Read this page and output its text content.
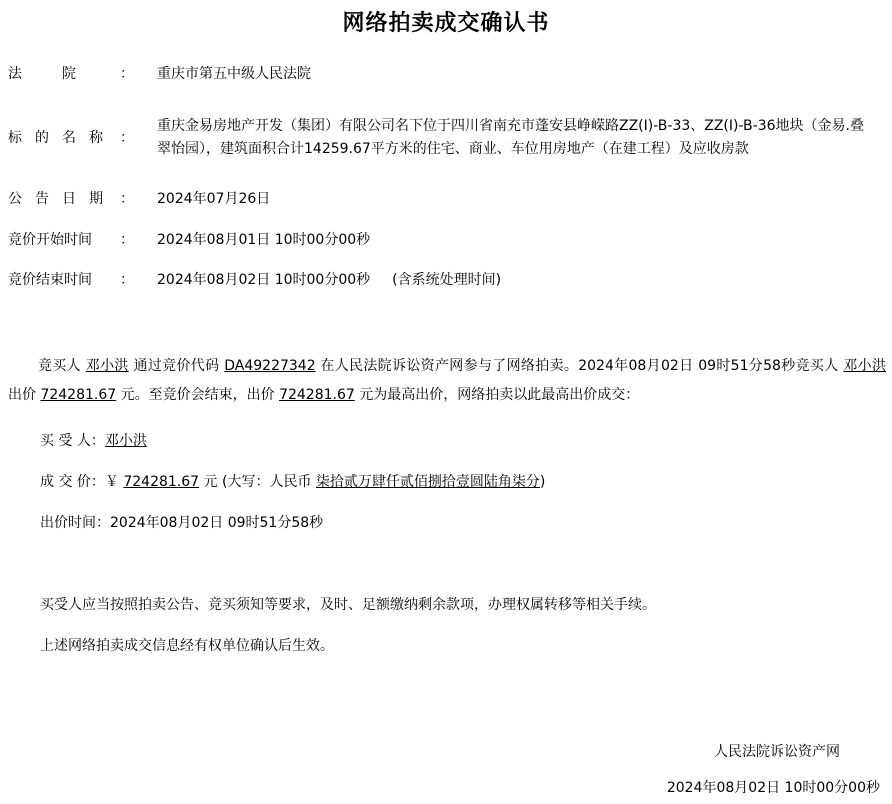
网络拍卖成交确认书
法	院	： 重庆市第五中级人民法院
标 的 名 称 ：
重庆金易房地产开发（集团）有限公司名下位于四川省南充市蓬安县峥嵘路ZZ(I)-B-33、ZZ(I)-B-36地块（金易.叠翠怡园），建筑面积合计14259.67平方米的住宅、商业、车位用房地产（在建工程）及应收房款
公 告 日 期 ： 2024年07月26日
竞价开始时间 ： 2024年08月01日 10时00分00秒
竞价结束时间 ： 2024年08月02日 10时00分00秒 (含系统处理时间)
竞买人 邓小洪 通过竞价代码 DA49227342 在人民法院诉讼资产网参与了网络拍卖。2024年08月02日 09时51分58秒竞买人 邓小洪 出价 724281.67 元。至竞价会结束，出价 724281.67 元为最高出价，网络拍卖以此最高出价成交：
买 受 人：邓小洪
成 交 价：￥ 724281.67 元 (大写：人民币 柒拾贰万肆仟贰佰捌拾壹圆陆角柒分)
出价时间：2024年08月02日 09时51分58秒
买受人应当按照拍卖公告、竞买须知等要求，及时、足额缴纳剩余款项，办理权属转移等相关手续。
上述网络拍卖成交信息经有权单位确认后生效。
人民法院诉讼资产网
2024年08月02日 10时00分00秒
